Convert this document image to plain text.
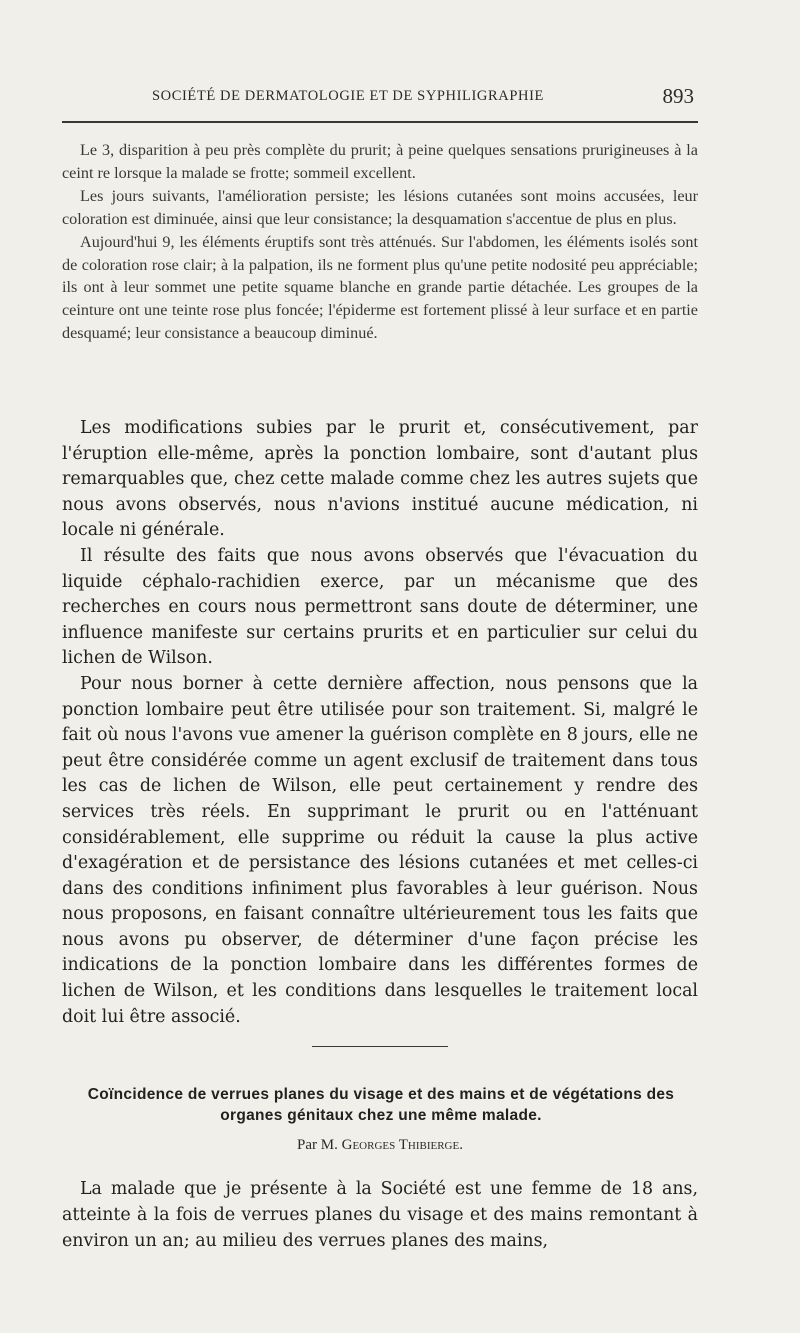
SOCIÉTÉ DE DERMATOLOGIE ET DE SYPHILIGRAPHIE	893

Le 3, disparition à peu près complète du prurit; à peine quelques sensations prurigineuses à la ceint re lorsque la malade se frotte; sommeil excellent.

Les jours suivants, l'amélioration persiste; les lésions cutanées sont moins accusées, leur coloration est diminuée, ainsi que leur consistance; la desquamation s'accentue de plus en plus.

Aujourd'hui 9, les éléments éruptifs sont très atténués. Sur l'abdomen, les éléments isolés sont de coloration rose clair; à la palpation, ils ne forment plus qu'une petite nodosité peu appréciable; ils ont à leur sommet une petite squame blanche en grande partie détachée. Les groupes de la ceinture ont une teinte rose plus foncée; l'épiderme est fortement plissé à leur surface et en partie desquamé; leur consistance a beaucoup diminué.

Les modifications subies par le prurit et, consécutivement, par l'éruption elle-même, après la ponction lombaire, sont d'autant plus remarquables que, chez cette malade comme chez les autres sujets que nous avons observés, nous n'avions institué aucune médication, ni locale ni générale.

Il résulte des faits que nous avons observés que l'évacuation du liquide céphalo-rachidien exerce, par un mécanisme que des recherches en cours nous permettront sans doute de déterminer, une influence manifeste sur certains prurits et en particulier sur celui du lichen de Wilson.

Pour nous borner à cette dernière affection, nous pensons que la ponction lombaire peut être utilisée pour son traitement. Si, malgré le fait où nous l'avons vue amener la guérison complète en 8 jours, elle ne peut être considérée comme un agent exclusif de traitement dans tous les cas de lichen de Wilson, elle peut certainement y rendre des services très réels. En supprimant le prurit ou en l'atténuant considérablement, elle supprime ou réduit la cause la plus active d'exagération et de persistance des lésions cutanées et met celles-ci dans des conditions infiniment plus favorables à leur guérison. Nous nous proposons, en faisant connaître ultérieurement tous les faits que nous avons pu observer, de déterminer d'une façon précise les indications de la ponction lombaire dans les différentes formes de lichen de Wilson, et les conditions dans lesquelles le traitement local doit lui être associé.

Coïncidence de verrues planes du visage et des mains et de végétations des organes génitaux chez une même malade.
Par M. Georges Thibierge.

La malade que je présente à la Société est une femme de 18 ans, atteinte à la fois de verrues planes du visage et des mains remontant à environ un an; au milieu des verrues planes des mains,
